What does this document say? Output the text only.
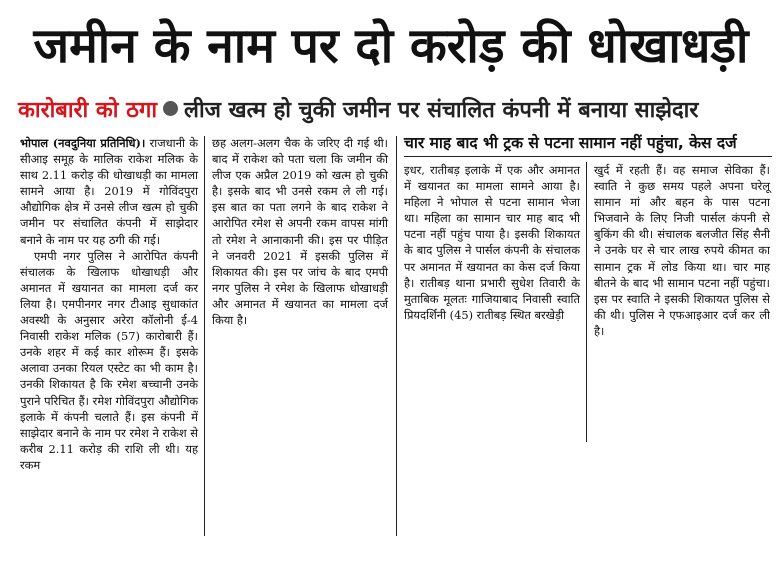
जमीन के नाम पर दो करोड़ की धोखाधड़ी
कारोबारी को ठगा लीज खत्म हो चुकी जमीन पर संचालित कंपनी में बनाया साझेदार

भोपाल (नवदुनिया प्रतिनिधि)। राजधानी के सीआइ समूह के मालिक राकेश मलिक के साथ 2.11 करोड़ की धोखाधड़ी का मामला सामने आया है। 2019 में गोविंदपुरा औद्योगिक क्षेत्र में उनसे लीज खत्म हो चुकी जमीन पर संचालित कंपनी में साझेदार बनाने के नाम पर यह ठगी की गई।

एमपी नगर पुलिस ने आरोपित कंपनी संचालक के खिलाफ धोखाधड़ी और अमानत में खयानत का मामला दर्ज कर लिया है। एमपीनगर नगर टीआइ सुधाकांत अवस्थी के अनुसार अरेरा कॉलोनी ई-4 निवासी राकेश मलिक (57) कारोबारी हैं। उनके शहर में कई कार शोरूम हैं। इसके अलावा उनका रियल एस्टेट का भी काम है। उनकी शिकायत है कि रमेश बच्चानी उनके पुराने परिचित हैं। रमेश गोविंदपुरा औद्योगिक इलाके में कंपनी चलाते हैं। इस कंपनी में साझेदार बनाने के नाम पर रमेश ने राकेश से करीब 2.11 करोड़ की राशि ली थी। यह रकम

छह अलग-अलग चैक के जरिए दी गई थी। बाद में राकेश को पता चला कि जमीन की लीज एक अप्रैल 2019 को खत्म हो चुकी है। इसके बाद भी उनसे रकम ले ली गई। इस बात का पता लगने के बाद राकेश ने आरोपित रमेश से अपनी रकम वापस मांगी तो रमेश ने आनाकानी की। इस पर पीड़ित ने जनवरी 2021 में इसकी पुलिस में शिकायत की। इस पर जांच के बाद एमपी नगर पुलिस ने रमेश के खिलाफ धोखाधड़ी और अमानत में खयानत का मामला दर्ज किया है।

चार माह बाद भी ट्रक से पटना सामान नहीं पहुंचा, केस दर्ज

इधर, रातीबड़ इलाके में एक और अमानत में खयानत का मामला सामने आया है। महिला ने भोपाल से पटना सामान भेजा था। महिला का सामान चार माह बाद भी पटना नहीं पहुंच पाया है। इसकी शिकायत के बाद पुलिस ने पार्सल कंपनी के संचालक पर अमानत में खयानत का केस दर्ज किया है। रातीबड़ थाना प्रभारी सुधेश तिवारी के मुताबिक मूलतः गाजियाबाद निवासी स्वाति प्रियदर्शिनी (45) रातीबड़ स्थित बरखेड़ी

खुर्द में रहती हैं। वह समाज सेविका हैं। स्वाति ने कुछ समय पहले अपना घरेलू सामान मां और बहन के पास पटना भिजवाने के लिए निजी पार्सल कंपनी से बुकिंग की थी। संचालक बलजीत सिंह सैनी ने उनके घर से चार लाख रुपये कीमत का सामान ट्रक में लोड किया था। चार माह बीतने के बाद भी सामान पटना नहीं पहुंचा। इस पर स्वाति ने इसकी शिकायत पुलिस से की थी। पुलिस ने एफआइआर दर्ज कर ली है।
